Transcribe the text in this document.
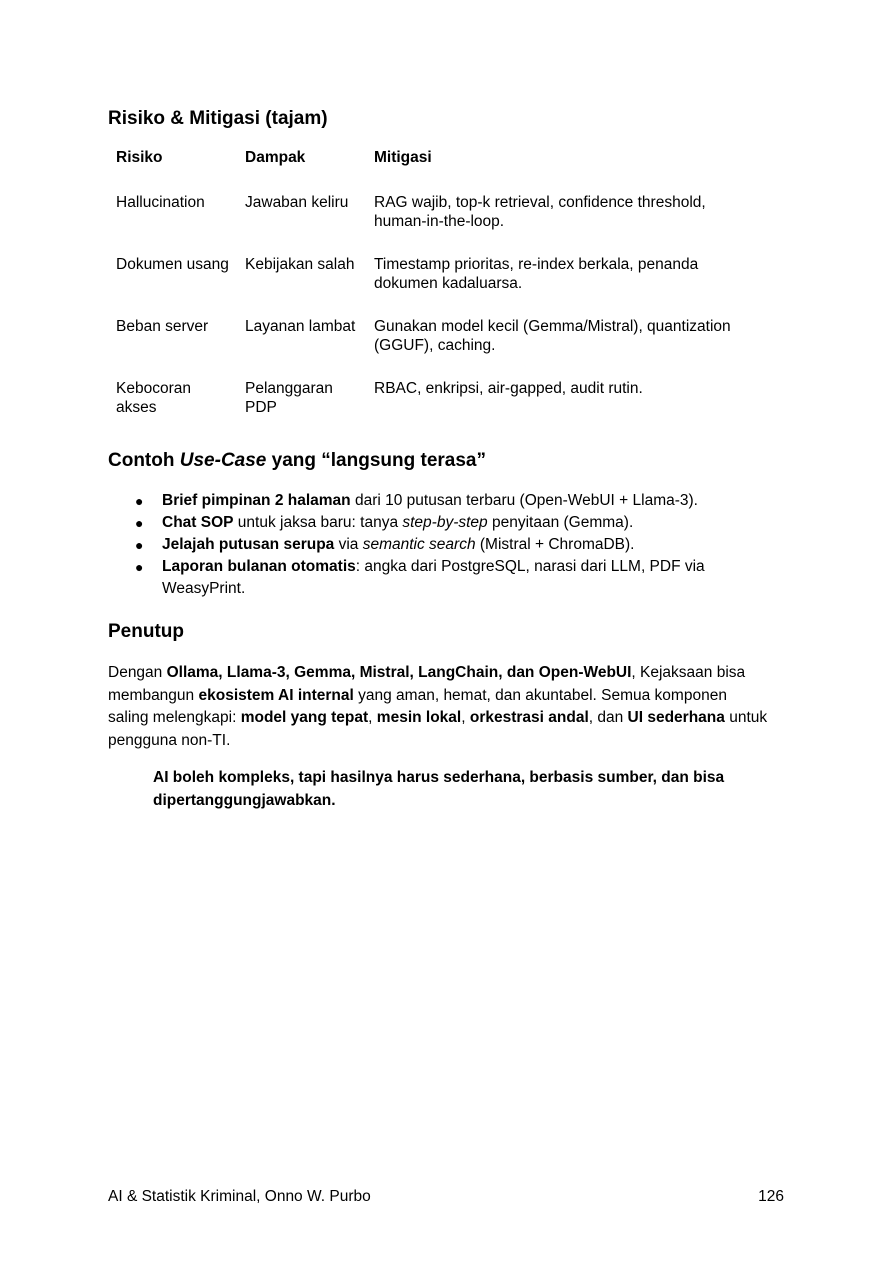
Risiko & Mitigasi (tajam)
Risiko	Dampak	Mitigasi
Hallucination	Jawaban keliru	RAG wajib, top-k retrieval, confidence threshold, human-in-the-loop.
Dokumen usang	Kebijakan salah	Timestamp prioritas, re-index berkala, penanda dokumen kadaluarsa.
Beban server	Layanan lambat	Gunakan model kecil (Gemma/Mistral), quantization (GGUF), caching.
Kebocoran akses	Pelanggaran PDP	RBAC, enkripsi, air-gapped, audit rutin.
Contoh Use-Case yang “langsung terasa”
● Brief pimpinan 2 halaman dari 10 putusan terbaru (Open-WebUI + Llama-3).
● Chat SOP untuk jaksa baru: tanya step-by-step penyitaan (Gemma).
● Jelajah putusan serupa via semantic search (Mistral + ChromaDB).
● Laporan bulanan otomatis: angka dari PostgreSQL, narasi dari LLM, PDF via WeasyPrint.
Penutup

Dengan Ollama, Llama-3, Gemma, Mistral, LangChain, dan Open-WebUI, Kejaksaan bisa membangun ekosistem AI internal yang aman, hemat, dan akuntabel. Semua komponen saling melengkapi: model yang tepat, mesin lokal, orkestrasi andal, dan UI sederhana untuk pengguna non-TI.

AI boleh kompleks, tapi hasilnya harus sederhana, berbasis sumber, dan bisa dipertanggungjawabkan.

AI & Statistik Kriminal, Onno W. Purbo	126
